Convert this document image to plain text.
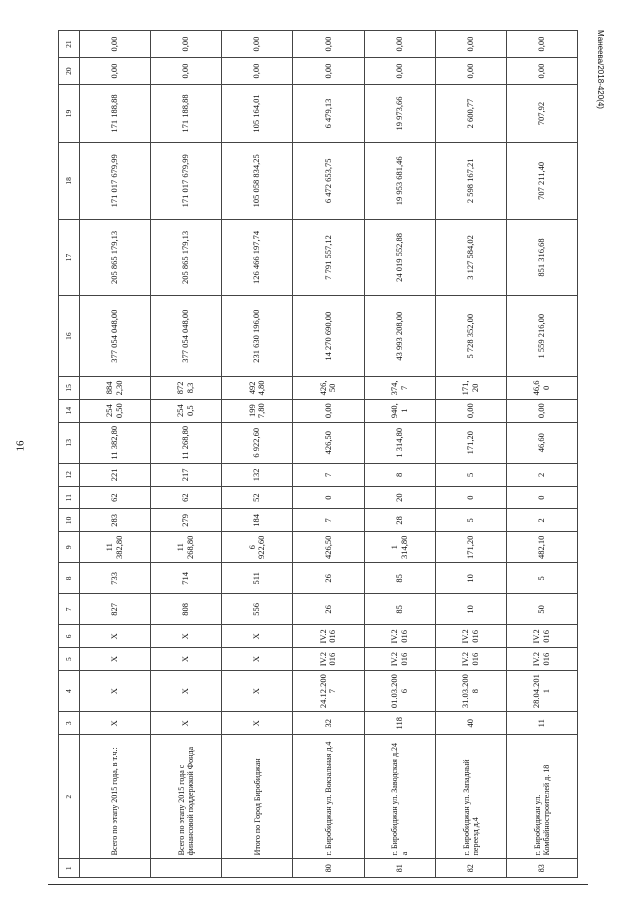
16
Манеева/2018-420(4)
1	2	3	4	5	6	7	8	9	10	11	12	13	14	15	16	17	18	19	20	21
	Всего по этапу 2015 года, в т.ч.:	X	X	X	X	827	733	11 382,80	283	62	221	11 382,80	2540,50	8842,30	377 054 048,00	205 865 179,13	171 017 679,99	171 188,88	0,00	0,00
	Всего по этапу 2015 года с финансовой поддержкой Фонда	X	X	X	X	808	714	11 268,80	279	62	217	11 268,80	2540,5	8728,3	377 054 048,00	205 865 179,13	171 017 679,99	171 188,88	0,00	0,00
	Итого по Город Биробиджан	X	X	X	X	556	511	6 922,60	184	52	132	6 922,60	1997,80	4924,80	231 630 196,00	126 466 197,74	105 058 834,25	105 164,01	0,00	0,00
80	г. Биробиджан ул. Вокзальная д.4	32	24.12.2007	IV.2016	IV.2016	26	26	426,50	7	0	7	426,50	0,00	426,50	14 270 690,00	7 791 557,12	6 472 653,75	6 479,13	0,00	0,00
81	г. Биробиджан ул. Заводская д.24 а	118	01.03.2006	IV.2016	IV.2016	85	85	1 314,80	28	20	8	1 314,80	940,1	374,7	43 993 208,00	24 019 552,88	19 953 681,46	19 973,66	0,00	0,00
82	г. Биробиджан ул. Западный переезд д.4	40	31.03.2008	IV.2016	IV.2016	10	10	171,20	5	0	5	171,20	0,00	171,20	5 728 352,00	3 127 584,02	2 598 167,21	2 600,77	0,00	0,00
83	г. Биробиджан ул. Комбайностроителей д. 18	11	28.04.2011	IV.2016	IV.2016	50	5	482,10	2	0	2	46,60	0,00	46,60	1 559 216,00	851 316,68	707 211,40	707,92	0,00	0,00
